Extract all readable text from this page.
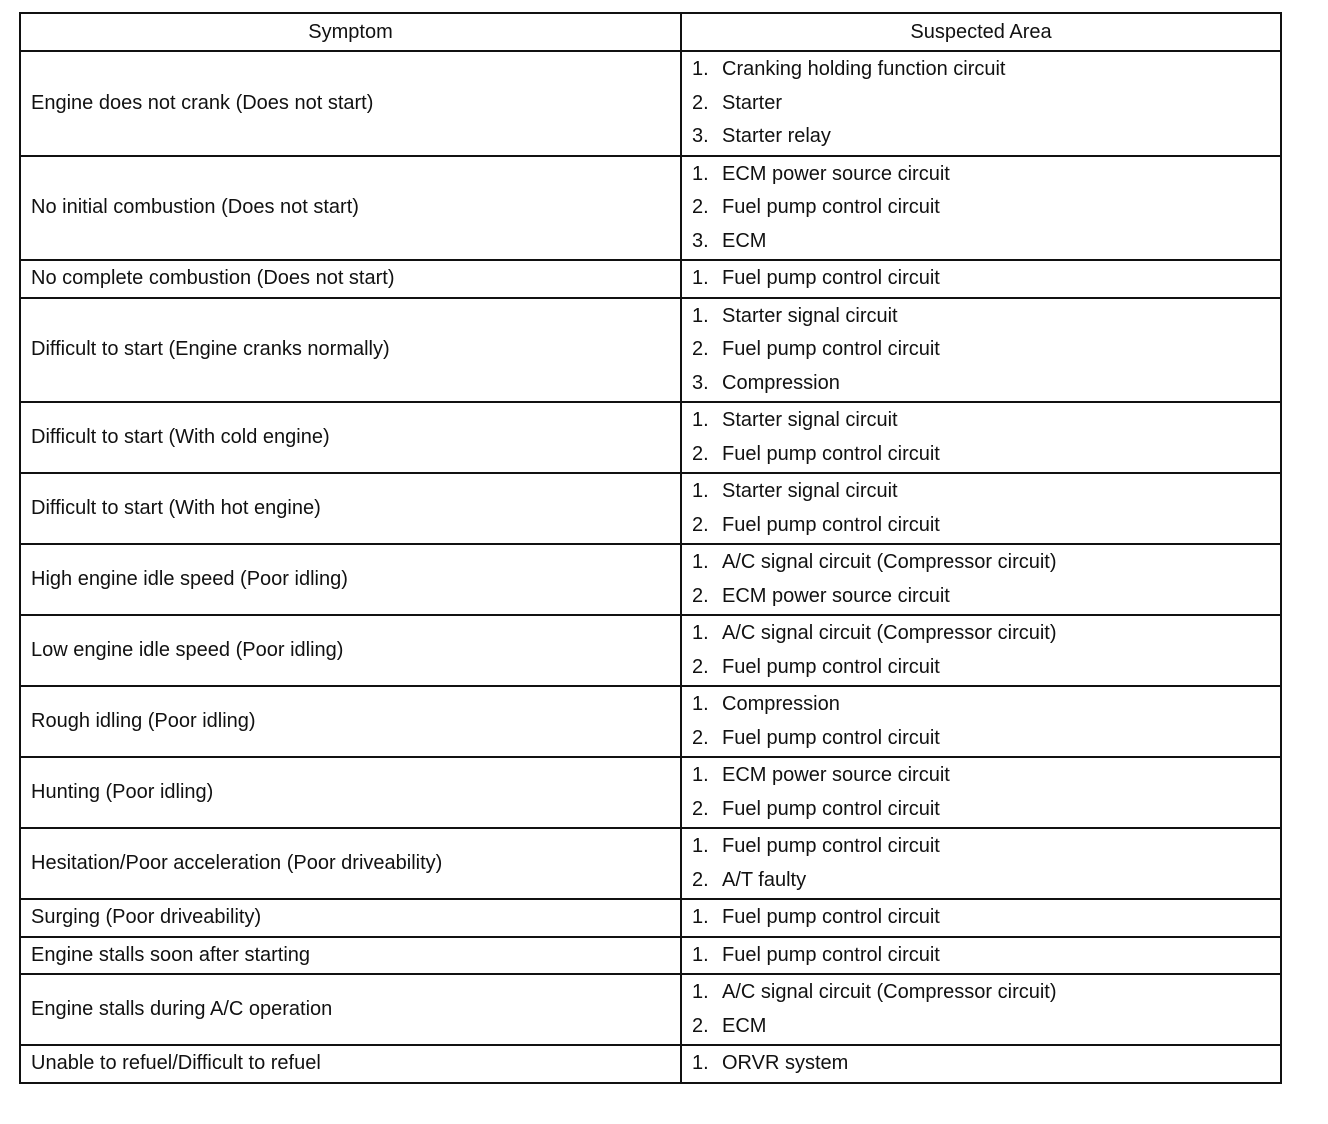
Symptom	Suspected Area
Engine does not crank (Does not start)	1. Cranking holding function circuit
2. Starter
3. Starter relay

No initial combustion (Does not start)	1. ECM power source circuit
2. Fuel pump control circuit
3. ECM

No complete combustion (Does not start)	1. Fuel pump control circuit

Difficult to start (Engine cranks normally)	1. Starter signal circuit
2. Fuel pump control circuit
3. Compression

Difficult to start (With cold engine)	1. Starter signal circuit
2. Fuel pump control circuit

Difficult to start (With hot engine)	1. Starter signal circuit
2. Fuel pump control circuit

High engine idle speed (Poor idling)	1. A/C signal circuit (Compressor circuit)
2. ECM power source circuit

Low engine idle speed (Poor idling)	1. A/C signal circuit (Compressor circuit)
2. Fuel pump control circuit

Rough idling (Poor idling)	1. Compression
2. Fuel pump control circuit

Hunting (Poor idling)	1. ECM power source circuit
2. Fuel pump control circuit

Hesitation/Poor acceleration (Poor driveability)	1. Fuel pump control circuit
2. A/T faulty

Surging (Poor driveability)	1. Fuel pump control circuit

Engine stalls soon after starting	1. Fuel pump control circuit

Engine stalls during A/C operation	1. A/C signal circuit (Compressor circuit)
2. ECM

Unable to refuel/Difficult to refuel	1. ORVR system
